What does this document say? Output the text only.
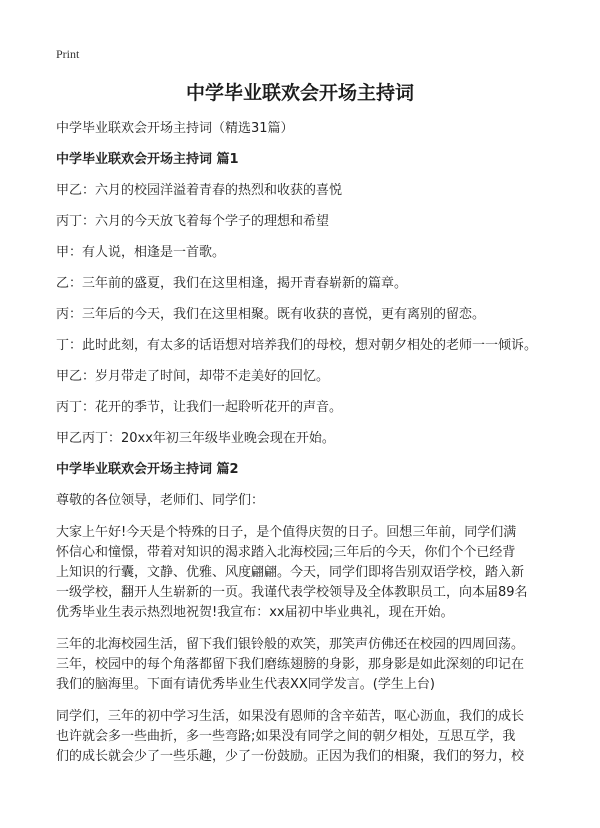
Print
中学毕业联欢会开场主持词

中学毕业联欢会开场主持词（精选31篇）

中学毕业联欢会开场主持词 篇1

甲乙：六月的校园洋溢着青春的热烈和收获的喜悦

丙丁：六月的今天放飞着每个学子的理想和希望

甲：有人说，相逢是一首歌。

乙：三年前的盛夏，我们在这里相逢，揭开青春崭新的篇章。

丙：三年后的今天，我们在这里相聚。既有收获的喜悦，更有离别的留恋。

丁：此时此刻，有太多的话语想对培养我们的母校，想对朝夕相处的老师一一倾诉。

甲乙：岁月带走了时间，却带不走美好的回忆。

丙丁：花开的季节，让我们一起聆听花开的声音。

甲乙丙丁：20xx年初三年级毕业晚会现在开始。

中学毕业联欢会开场主持词 篇2

尊敬的各位领导，老师们、同学们：

大家上午好!今天是个特殊的日子，是个值得庆贺的日子。回想三年前，同学们满
怀信心和憧憬，带着对知识的渴求踏入北海校园;三年后的今天，你们个个已经背
上知识的行囊，文静、优雅、风度翩翩。今天，同学们即将告别双语学校，踏入新
一级学校，翻开人生崭新的一页。我谨代表学校领导及全体教职员工，向本届89名
优秀毕业生表示热烈地祝贺!我宣布：xx届初中毕业典礼，现在开始。
三年的北海校园生活，留下我们银铃般的欢笑，那笑声仿佛还在校园的四周回荡。
三年，校园中的每个角落都留下我们磨练翅膀的身影，那身影是如此深刻的印记在
我们的脑海里。下面有请优秀毕业生代表XX同学发言。(学生上台)
同学们，三年的初中学习生活，如果没有恩师的含辛茹苦，呕心沥血，我们的成长
也许就会多一些曲折，多一些弯路;如果没有同学之间的朝夕相处，互思互学，我
们的成长就会少了一些乐趣，少了一份鼓励。正因为我们的相聚，我们的努力，校
